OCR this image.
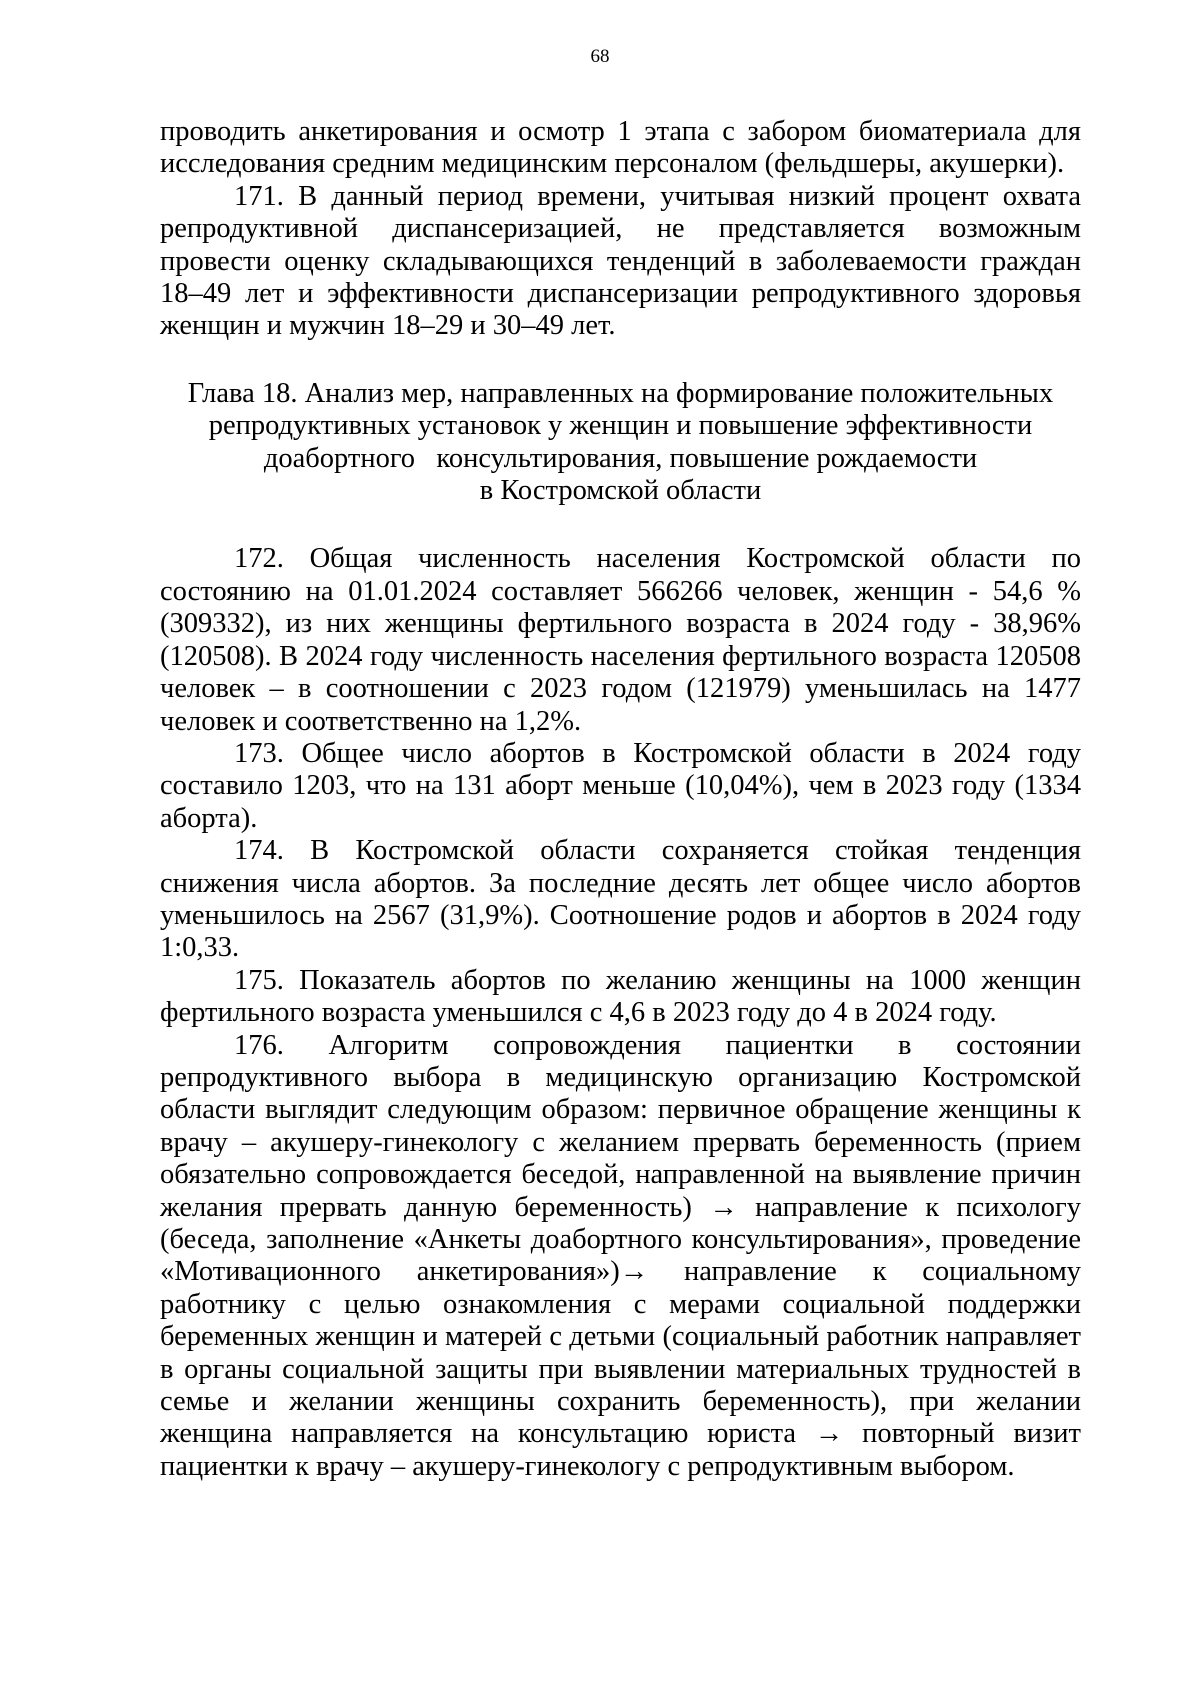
68

проводить анкетирования и осмотр 1 этапа с забором биоматериала для исследования средним медицинским персоналом (фельдшеры, акушерки).

171. В данный период времени, учитывая низкий процент охвата репродуктивной диспансеризацией, не представляется возможным провести оценку складывающихся тенденций в заболеваемости граждан 18–49 лет и эффективности диспансеризации репродуктивного здоровья женщин и мужчин 18–29 и 30–49 лет.

Глава 18. Анализ мер, направленных на формирование положительных
репродуктивных установок у женщин и повышение эффективности
доабортного   консультирования, повышение рождаемости
в Костромской области

172. Общая численность населения Костромской области по состоянию на 01.01.2024 составляет 566266 человек, женщин - 54,6 % (309332), из них женщины фертильного возраста в 2024 году - 38,96% (120508). В 2024 году численность населения фертильного возраста 120508 человек – в соотношении с 2023 годом (121979) уменьшилась на 1477 человек и соответственно на 1,2%.

173. Общее число абортов в Костромской области в 2024 году составило 1203, что на 131 аборт меньше (10,04%), чем в 2023 году (1334 аборта).

174. В Костромской области сохраняется стойкая тенденция снижения числа абортов. За последние десять лет общее число абортов уменьшилось на 2567 (31,9%). Соотношение родов и абортов в 2024 году 1:0,33.

175. Показатель абортов по желанию женщины на 1000 женщин фертильного возраста уменьшился с 4,6 в 2023 году до 4 в 2024 году.

176. Алгоритм сопровождения пациентки в состоянии репродуктивного выбора в медицинскую организацию Костромской области выглядит следующим образом: первичное обращение женщины к врачу – акушеру-гинекологу с желанием прервать беременность (прием обязательно сопровождается беседой, направленной на выявление причин желания прервать данную беременность) → направление к психологу (беседа, заполнение «Анкеты доабортного консультирования», проведение «Мотивационного анкетирования»)→ направление к социальному работнику с целью ознакомления с мерами социальной поддержки беременных женщин и матерей с детьми (социальный работник направляет в органы социальной защиты при выявлении материальных трудностей в семье и желании женщины сохранить беременность), при желании женщина направляется на консультацию юриста → повторный визит пациентки к врачу – акушеру-гинекологу с репродуктивным выбором.
